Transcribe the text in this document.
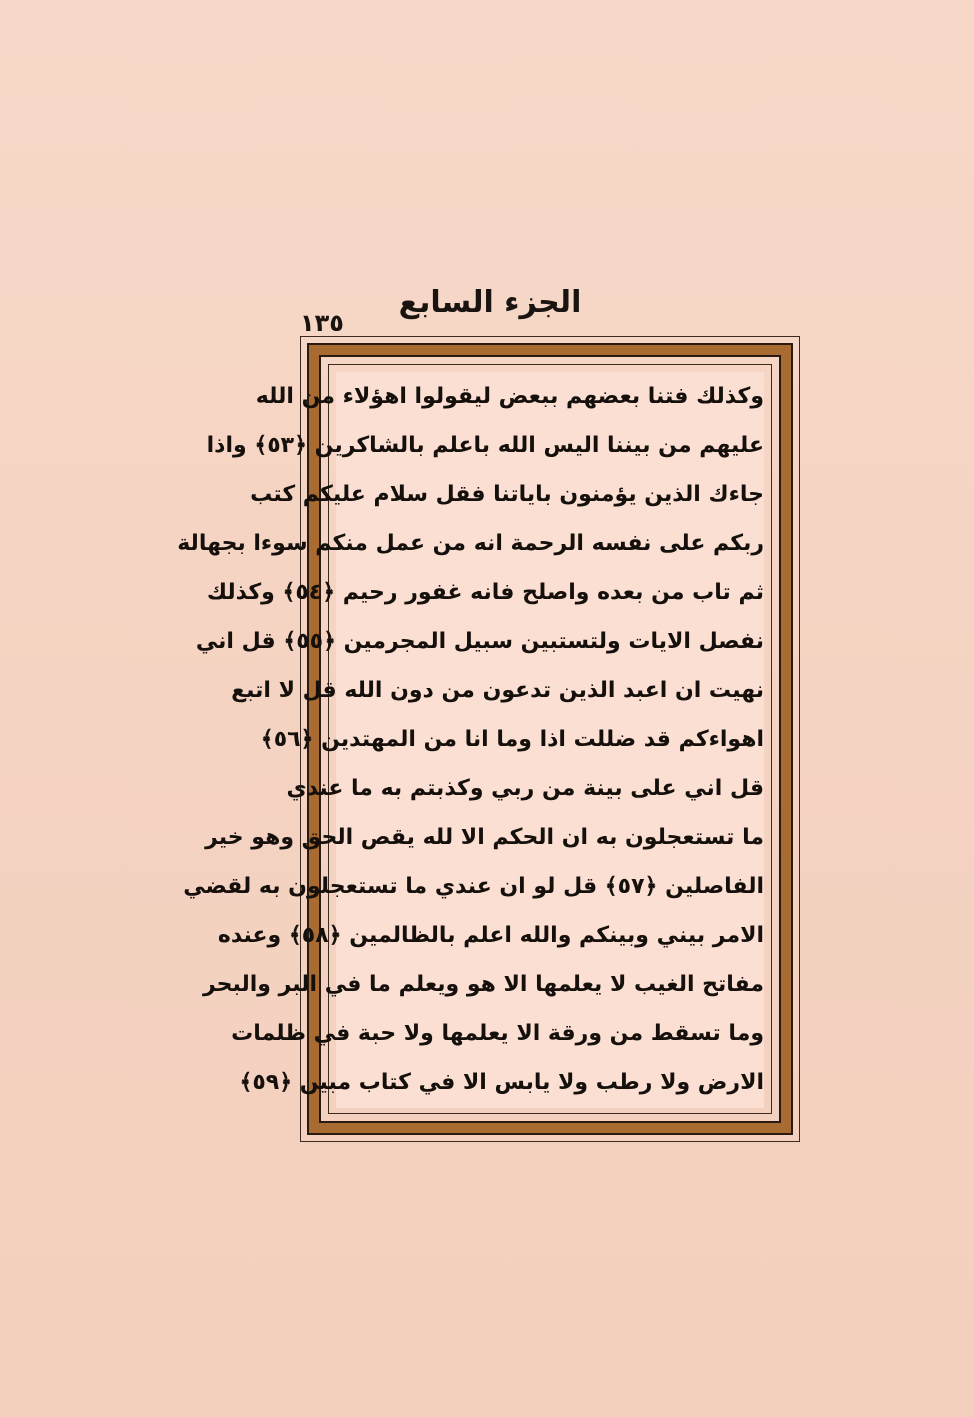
الجزء السابع
١٣٥
وكذلك فتنا بعضهم ببعض ليقولوا اهؤلاء من الله
عليهم من بيننا اليس الله باعلم بالشاكرين ﴿٥٣﴾ واذا
جاءك الذين يؤمنون باياتنا فقل سلام عليكم كتب
ربكم على نفسه الرحمة انه من عمل منكم سوءا بجهالة
ثم تاب من بعده واصلح فانه غفور رحيم ﴿٥٤﴾ وكذلك
نفصل الايات ولتستبين سبيل المجرمين ﴿٥٥﴾ قل اني
نهيت ان اعبد الذين تدعون من دون الله قل لا اتبع
اهواءكم قد ضللت اذا وما انا من المهتدين ﴿٥٦﴾
قل اني على بينة من ربي وكذبتم به ما عندي
ما تستعجلون به ان الحكم الا لله يقص الحق وهو خير
الفاصلين ﴿٥٧﴾ قل لو ان عندي ما تستعجلون به لقضي
الامر بيني وبينكم والله اعلم بالظالمين ﴿٥٨﴾ وعنده
مفاتح الغيب لا يعلمها الا هو ويعلم ما في البر والبحر
وما تسقط من ورقة الا يعلمها ولا حبة في ظلمات
الارض ولا رطب ولا يابس الا في كتاب مبين ﴿٥٩﴾
